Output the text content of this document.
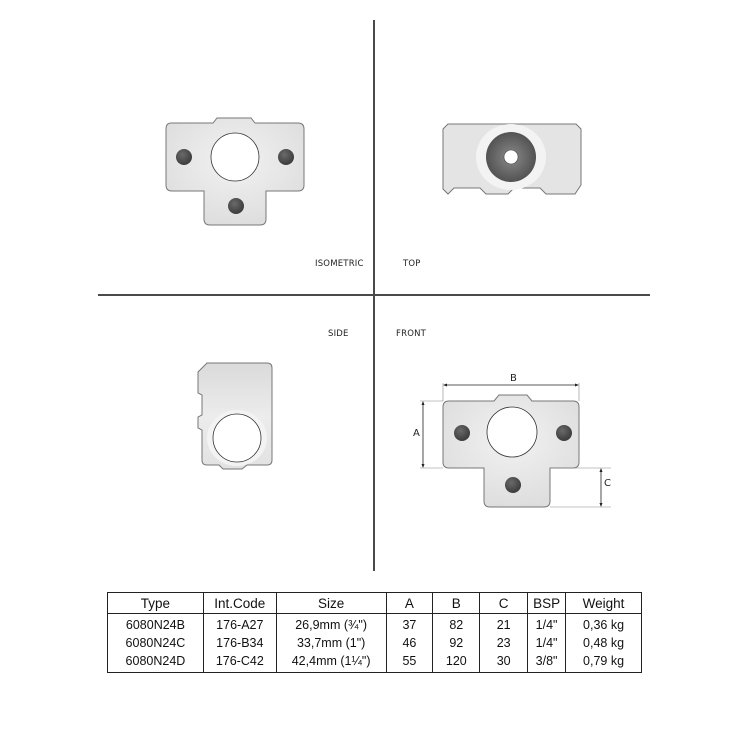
ISOMETRIC	TOP
SIDE	FRONT
B
A
C
Type	Int.Code	Size	A	B	C	BSP	Weight
6080N24B	176-A27	26,9mm (¾")	37	82	21	1/4"	0,36 kg
6080N24C	176-B34	33,7mm (1")	46	92	23	1/4"	0,48 kg
6080N24D	176-C42	42,4mm (1¼")	55	120	30	3/8"	0,79 kg
